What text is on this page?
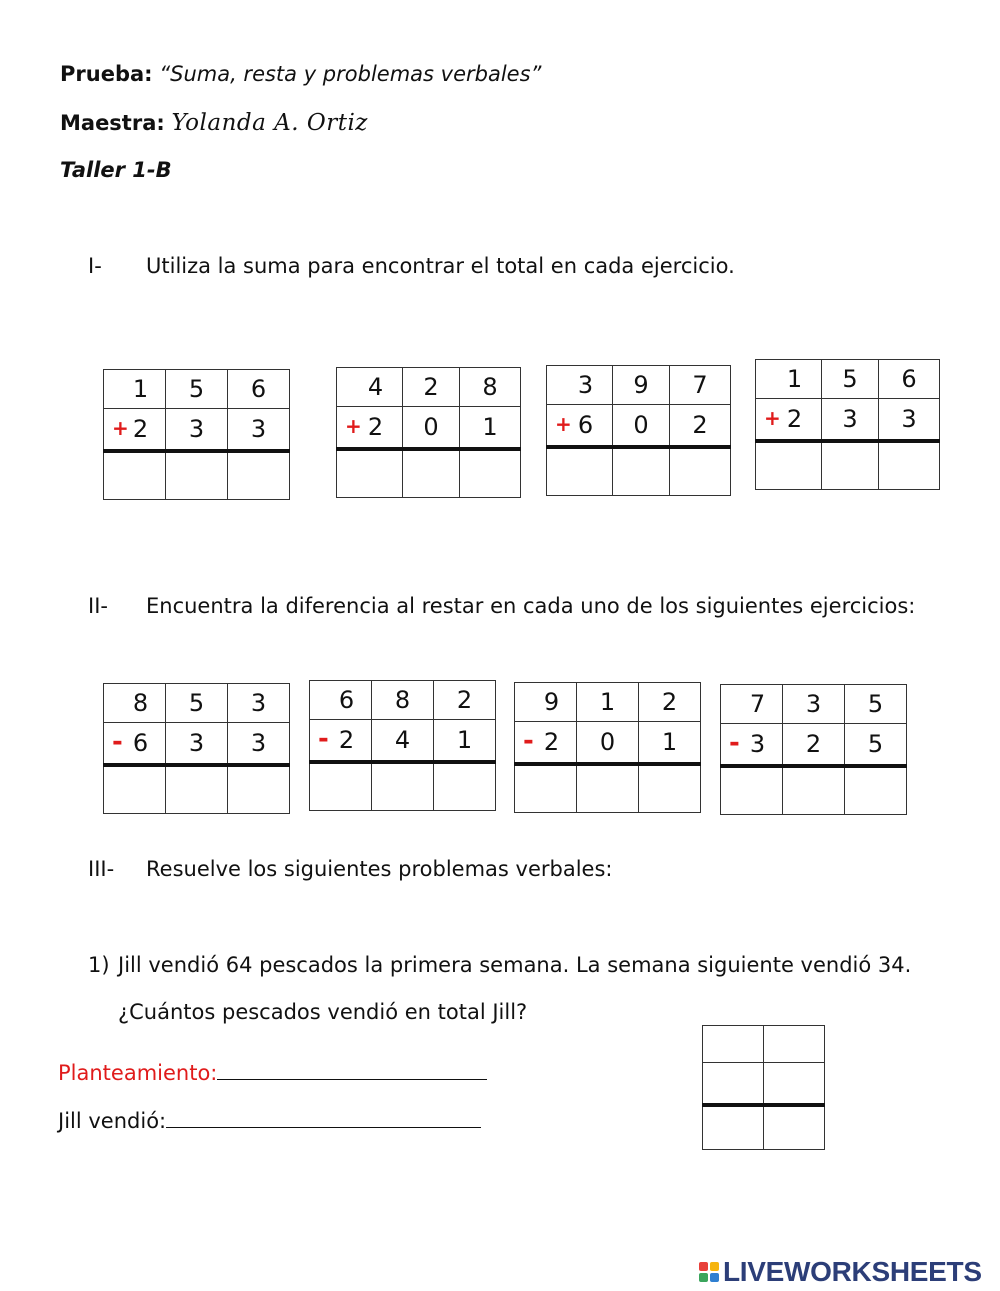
Prueba: “Suma, resta y problemas verbales”
Maestra: Yolanda A. Ortiz
Taller 1-B
I- Utiliza la suma para encontrar el total en cada ejercicio.
II- Encuentra la diferencia al restar en cada uno de los siguientes ejercicios:
III- Resuelve los siguientes problemas verbales:
1) Jill vendió 64 pescados la primera semana. La semana siguiente vendió 34.
¿Cuántos pescados vendió en total Jill?
Planteamiento:
Jill vendió:

LIVEWORKSHEETS
1	5	6

+ 2	3	3

4	2	8

+ 2	0	1

3	9	7

+ 6	0	2

1	5	6

+ 2	3	3

8	5	3

- 6	3	3

6	8	2

- 2	4	1

9	1	2

- 2	0	1

7	3	5

- 3	2	5
